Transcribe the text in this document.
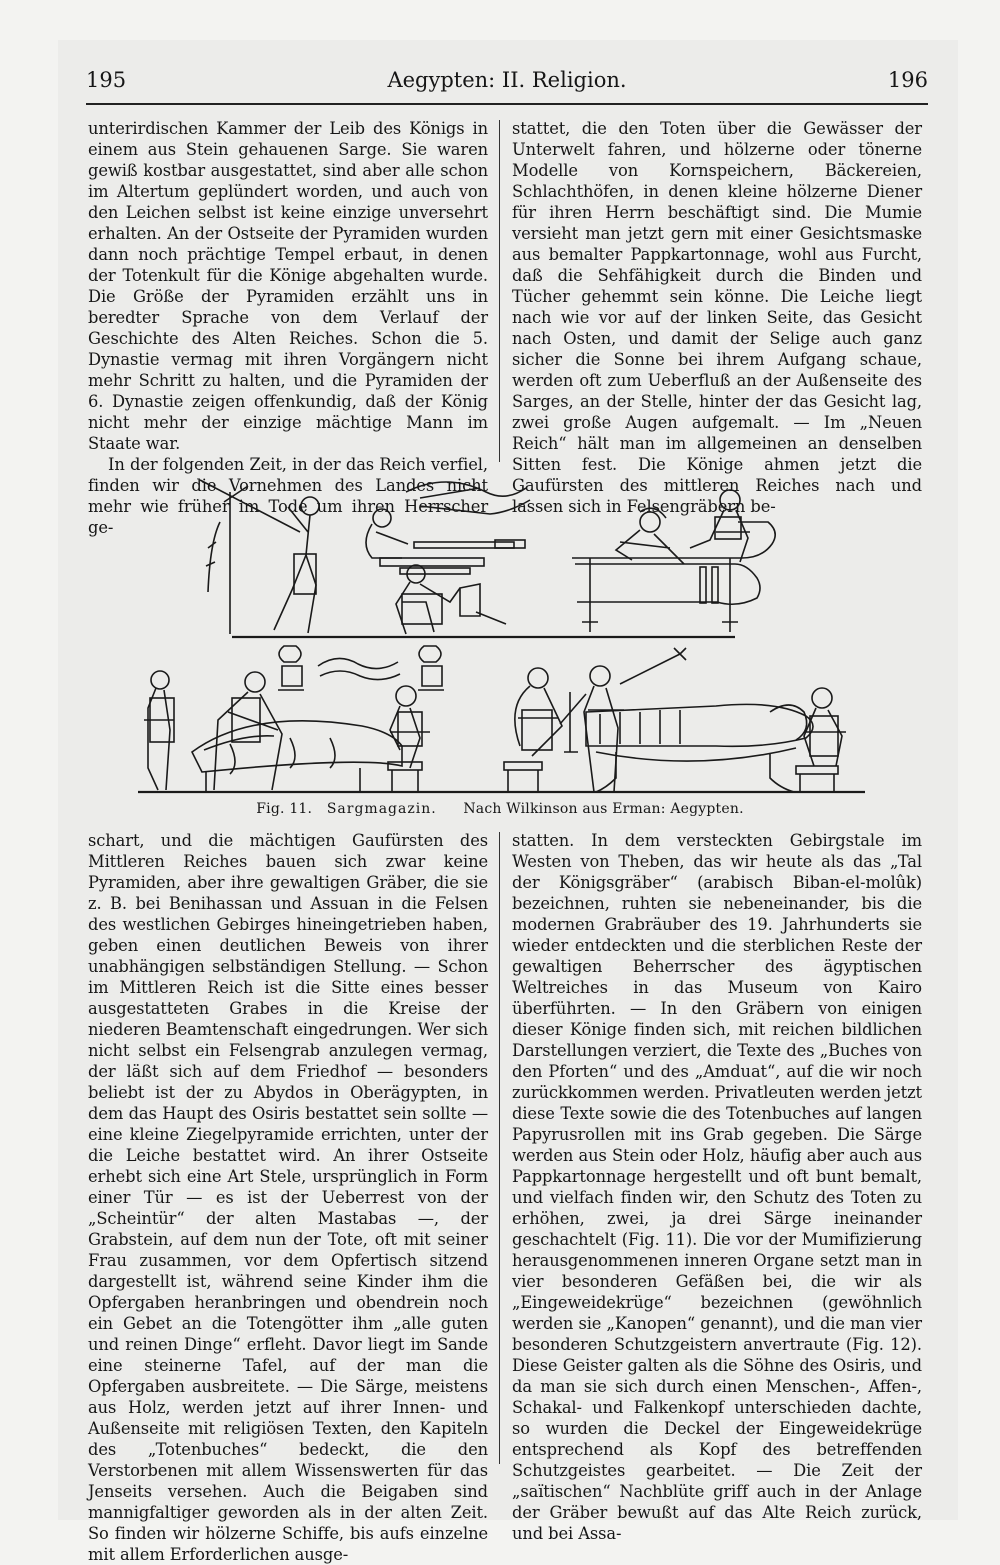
195	Aegypten: II. Religion.	196

unterirdischen Kammer der Leib des Königs in einem aus Stein gehauenen Sarge. Sie waren gewiß kostbar ausgestattet, sind aber alle schon im Altertum geplündert worden, und auch von den Leichen selbst ist keine einzige unversehrt erhalten. An der Ostseite der Pyramiden wurden dann noch prächtige Tempel erbaut, in denen der Totenkult für die Könige abgehalten wurde. Die Größe der Pyramiden erzählt uns in beredter Sprache von dem Verlauf der Geschichte des Alten Reiches. Schon die 5. Dynastie vermag mit ihren Vorgängern nicht mehr Schritt zu halten, und die Pyramiden der 6. Dynastie zeigen offenkundig, daß der König nicht mehr der einzige mächtige Mann im Staate war.

In der folgenden Zeit, in der das Reich verfiel, finden wir die Vornehmen des Landes nicht mehr wie früher im Tode um ihren Herrscher ge-

stattet, die den Toten über die Gewässer der Unterwelt fahren, und hölzerne oder tönerne Modelle von Kornspeichern, Bäckereien, Schlachthöfen, in denen kleine hölzerne Diener für ihren Herrn beschäftigt sind. Die Mumie versieht man jetzt gern mit einer Gesichtsmaske aus bemalter Pappkartonnage, wohl aus Furcht, daß die Sehfähigkeit durch die Binden und Tücher gehemmt sein könne. Die Leiche liegt nach wie vor auf der linken Seite, das Gesicht nach Osten, und damit der Selige auch ganz sicher die Sonne bei ihrem Aufgang schaue, werden oft zum Ueberfluß an der Außenseite des Sarges, an der Stelle, hinter der das Gesicht lag, zwei große Augen aufgemalt. — Im „Neuen Reich“ hält man im allgemeinen an denselben Sitten fest. Die Könige ahmen jetzt die Gaufürsten des mittleren Reiches nach und lassen sich in Felsengräbern be-

Fig. 11. Sargmagazin. Nach Wilkinson aus Erman: Aegypten.

schart, und die mächtigen Gaufürsten des Mittleren Reiches bauen sich zwar keine Pyramiden, aber ihre gewaltigen Gräber, die sie z. B. bei Benihassan und Assuan in die Felsen des westlichen Gebirges hineingetrieben haben, geben einen deutlichen Beweis von ihrer unabhängigen selbständigen Stellung. — Schon im Mittleren Reich ist die Sitte eines besser ausgestatteten Grabes in die Kreise der niederen Beamtenschaft eingedrungen. Wer sich nicht selbst ein Felsengrab anzulegen vermag, der läßt sich auf dem Friedhof — besonders beliebt ist der zu Abydos in Oberägypten, in dem das Haupt des Osiris bestattet sein sollte — eine kleine Ziegelpyramide errichten, unter der die Leiche bestattet wird. An ihrer Ostseite erhebt sich eine Art Stele, ursprünglich in Form einer Tür — es ist der Ueberrest von der „Scheintür“ der alten Mastabas —, der Grabstein, auf dem nun der Tote, oft mit seiner Frau zusammen, vor dem Opfertisch sitzend dargestellt ist, während seine Kinder ihm die Opfergaben heranbringen und obendrein noch ein Gebet an die Totengötter ihm „alle guten und reinen Dinge“ erfleht. Davor liegt im Sande eine steinerne Tafel, auf der man die Opfergaben ausbreitete. — Die Särge, meistens aus Holz, werden jetzt auf ihrer Innen- und Außenseite mit religiösen Texten, den Kapiteln des „Totenbuches“ bedeckt, die den Verstorbenen mit allem Wissenswerten für das Jenseits versehen. Auch die Beigaben sind mannigfaltiger geworden als in der alten Zeit. So finden wir hölzerne Schiffe, bis aufs einzelne mit allem Erforderlichen ausge-

statten. In dem versteckten Gebirgstale im Westen von Theben, das wir heute als das „Tal der Königsgräber“ (arabisch Biban-el-molûk) bezeichnen, ruhten sie nebeneinander, bis die modernen Grabräuber des 19. Jahrhunderts sie wieder entdeckten und die sterblichen Reste der gewaltigen Beherrscher des ägyptischen Weltreiches in das Museum von Kairo überführten. — In den Gräbern von einigen dieser Könige finden sich, mit reichen bildlichen Darstellungen verziert, die Texte des „Buches von den Pforten“ und des „Amduat“, auf die wir noch zurückkommen werden. Privatleuten werden jetzt diese Texte sowie die des Totenbuches auf langen Papyrusrollen mit ins Grab gegeben. Die Särge werden aus Stein oder Holz, häufig aber auch aus Pappkartonnage hergestellt und oft bunt bemalt, und vielfach finden wir, den Schutz des Toten zu erhöhen, zwei, ja drei Särge ineinander geschachtelt (Fig. 11). Die vor der Mumifizierung herausgenommenen inneren Organe setzt man in vier besonderen Gefäßen bei, die wir als „Eingeweidekrüge“ bezeichnen (gewöhnlich werden sie „Kanopen“ genannt), und die man vier besonderen Schutzgeistern anvertraute (Fig. 12). Diese Geister galten als die Söhne des Osiris, und da man sie sich durch einen Menschen-, Affen-, Schakal- und Falkenkopf unterschieden dachte, so wurden die Deckel der Eingeweidekrüge entsprechend als Kopf des betreffenden Schutzgeistes gearbeitet. — Die Zeit der „saïtischen“ Nachblüte griff auch in der Anlage der Gräber bewußt auf das Alte Reich zurück, und bei Assa-
